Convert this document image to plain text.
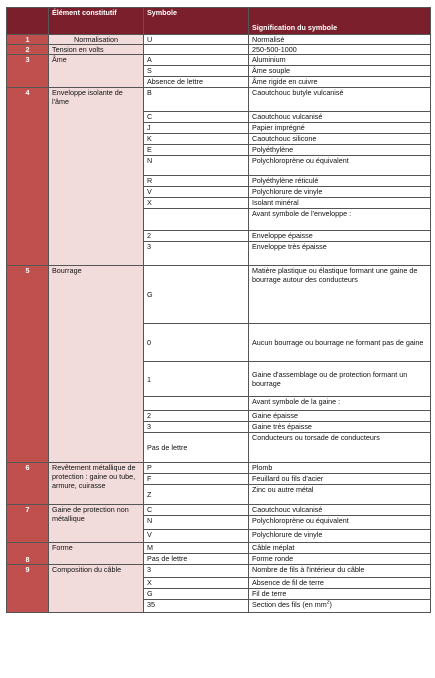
	Élément constitutif	Symbole	Signification du symbole
1	Normalisation	U	Normalisé
2	Tension en volts		250-500-1000
3	Âme	A	Aluminium
		S	Âme souple
		Absence de lettre	Âme rigide en cuivre
4	Enveloppe isolante de l'âme	B	Caoutchouc butyle vulcanisé
		C	Caoutchouc vulcanisé
		J	Papier imprégné
		K	Caoutchouc silicone
		E	Polyéthylène
		N	Polychloroprène ou équivalent
		R	Polyéthylène réticulé
		V	Polychlorure de vinyle
		X	Isolant minéral
			Avant symbole de l'enveloppe :
		2	Enveloppe épaisse
		3	Enveloppe très épaisse
5	Bourrage	G	Matière plastique ou élastique formant une gaine de bourrage autour des conducteurs
		0	Aucun bourrage ou bourrage ne formant pas de gaine
		1	Gaine d'assemblage ou de protection formant un bourrage
			Avant symbole de la gaine :
		2	Gaine épaisse
		3	Gaine très épaisse
		Pas de lettre	Conducteurs ou torsade de conducteurs
6	Revêtement métallique de protection : gaine ou tube, armure, cuirasse	P	Plomb
		F	Feuillard ou fils d'acier
		Z	Zinc ou autre métal
7	Gaine de protection non métallique	C	Caoutchouc vulcanisé
		N	Polychloroprène ou équivalent
		V	Polychlorure de vinyle
8	Forme	M	Câble méplat
		Pas de lettre	Forme ronde
9	Composition du câble	3	Nombre de fils à l'intérieur du câble
		X	Absence de fil de terre
		G	Fil de terre
		35	Section des fils (en $mm^2$)
